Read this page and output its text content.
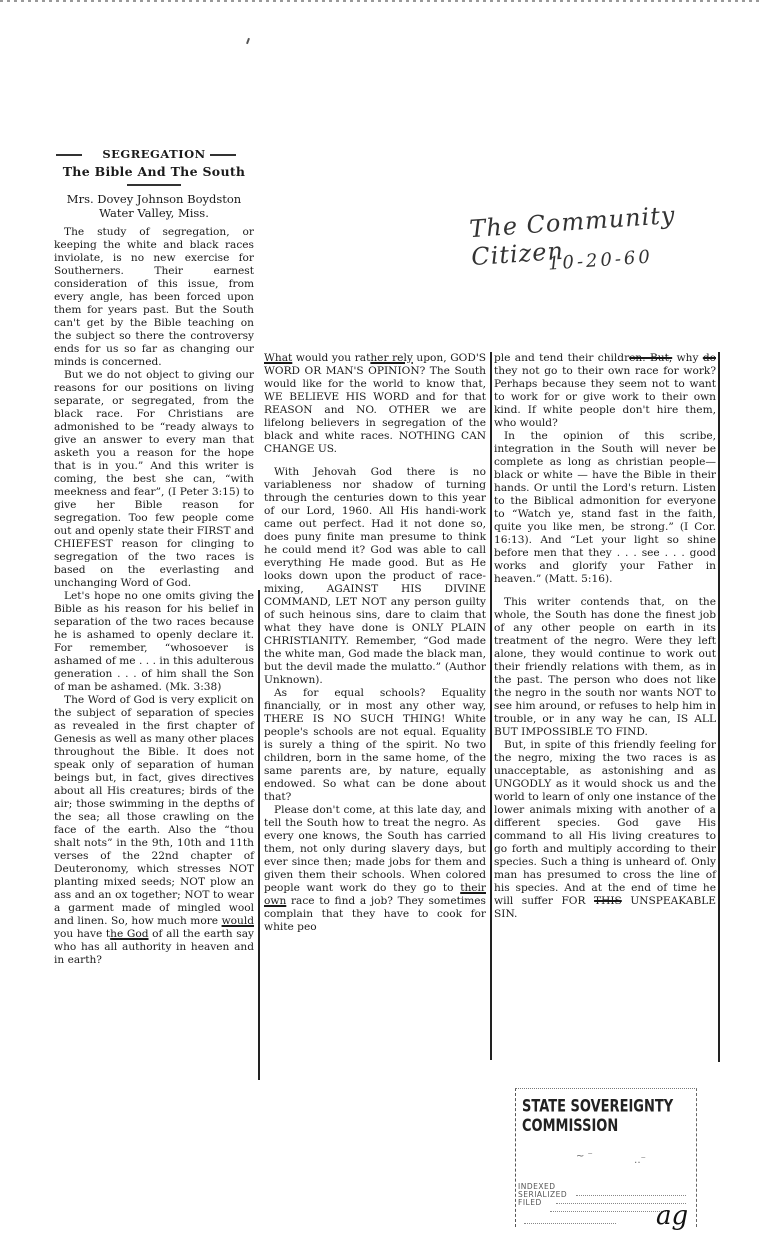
SEGREGATION
The Bible And The South
Mrs. Dovey Johnson Boydston
Water Valley, Miss.

The study of segregation, or keeping the white and black races inviolate, is no new exercise for Southerners. Their earnest consideration of this issue, from every angle, has been forced upon them for years past. But the South can't get by the Bible teaching on the subject so there the controversy ends for us so far as changing our minds is concerned.

But we do not object to giving our reasons for our positions on living separate, or segregated, from the black race. For Christians are admonished to be “ready always to give an answer to every man that asketh you a reason for the hope that is in you.” And this writer is coming, the best she can, “with meekness and fear”, (I Peter 3:15) to give her Bible reason for segregation. Too few people come out and openly state their FIRST and CHIEFEST reason for clinging to segregation of the two races is based on the everlasting and unchanging Word of God.

Let's hope no one omits giving the Bible as his reason for his belief in separation of the two races because he is ashamed to openly declare it. For remember, “whosoever is ashamed of me . . . in this adulterous generation . . . of him shall the Son of man be ashamed. (Mk. 3:38)

The Word of God is very explicit on the subject of separation of species as revealed in the first chapter of Genesis as well as many other places throughout the Bible. It does not speak only of separation of human beings but, in fact, gives directives about all His creatures; birds of the air; those swimming in the depths of the sea; all those crawling on the face of the earth. Also the “thou shalt nots” in the 9th, 10th and 11th verses of the 22nd chapter of Deuteronomy, which stresses NOT planting mixed seeds; NOT plow an ass and an ox together; NOT to wear a garment made of mingled wool and linen. So, how much more would you have the God of all the earth say who has all authority in heaven and in earth?

What would you rather rely upon, GOD'S WORD OR MAN'S OPINION? The South would like for the world to know that, WE BELIEVE HIS WORD and for that REASON and NO. OTHER we are lifelong believers in segregation of the black and white races. NOTHING CAN CHANGE US.

With Jehovah God there is no variableness nor shadow of turning through the centuries down to this year of our Lord, 1960. All His handi-work came out perfect. Had it not done so, does puny finite man presume to think he could mend it? God was able to call everything He made good. But as He looks down upon the product of race-mixing, AGAINST HIS DIVINE COMMAND, LET NOT any person guilty of such heinous sins, dare to claim that what they have done is ONLY PLAIN CHRISTIANITY. Remember, “God made the white man, God made the black man, but the devil made the mulatto.” (Author Unknown).

As for equal schools? Equality financially, or in most any other way, THERE IS NO SUCH THING! White people's schools are not equal. Equality is surely a thing of the spirit. No two children, born in the same home, of the same parents are, by nature, equally endowed. So what can be done about that?

Please don't come, at this late day, and tell the South how to treat the negro. As every one knows, the South has carried them, not only during slavery days, but ever since then; made jobs for them and given them their schools. When colored people want work do they go to their own race to find a job? They sometimes complain that they have to cook for white peo

ple and tend their children. But, why do they not go to their own race for work? Perhaps because they seem not to want to work for or give work to their own kind. If white people don't hire them, who would?

In the opinion of this scribe, integration in the South will never be complete as long as christian people—black or white — have the Bible in their hands. Or until the Lord's return. Listen to the Biblical admonition for everyone to “Watch ye, stand fast in the faith, quite you like men, be strong.” (I Cor. 16:13). And “Let your light so shine before men that they . . . see . . . good works and glorify your Father in heaven.” (Matt. 5:16).

This writer contends that, on the whole, the South has done the finest job of any other people on earth in its treatment of the negro. Were they left alone, they would continue to work out their friendly relations with them, as in the past. The person who does not like the negro in the south nor wants NOT to see him around, or refuses to help him in trouble, or in any way he can, IS ALL BUT IMPOSSIBLE TO FIND.

But, in spite of this friendly feeling for the negro, mixing the two races is as unacceptable, as astonishing and as UNGODLY as it would shock us and the world to learn of only one instance of the lower animals mixing with another of a different species. God gave His command to all His living creatures to go forth and multiply according to their species. Such a thing is unheard of. Only man has presumed to cross the line of his species. And at the end of time he will suffer FOR THIS UNSPEAKABLE SIN.

The Community Citizen
10-20-60
STATE SOVEREIGNTY COMMISSION
~ ⁻	‥⁻
INDEXED
SERIALIZED
FILED	ag
